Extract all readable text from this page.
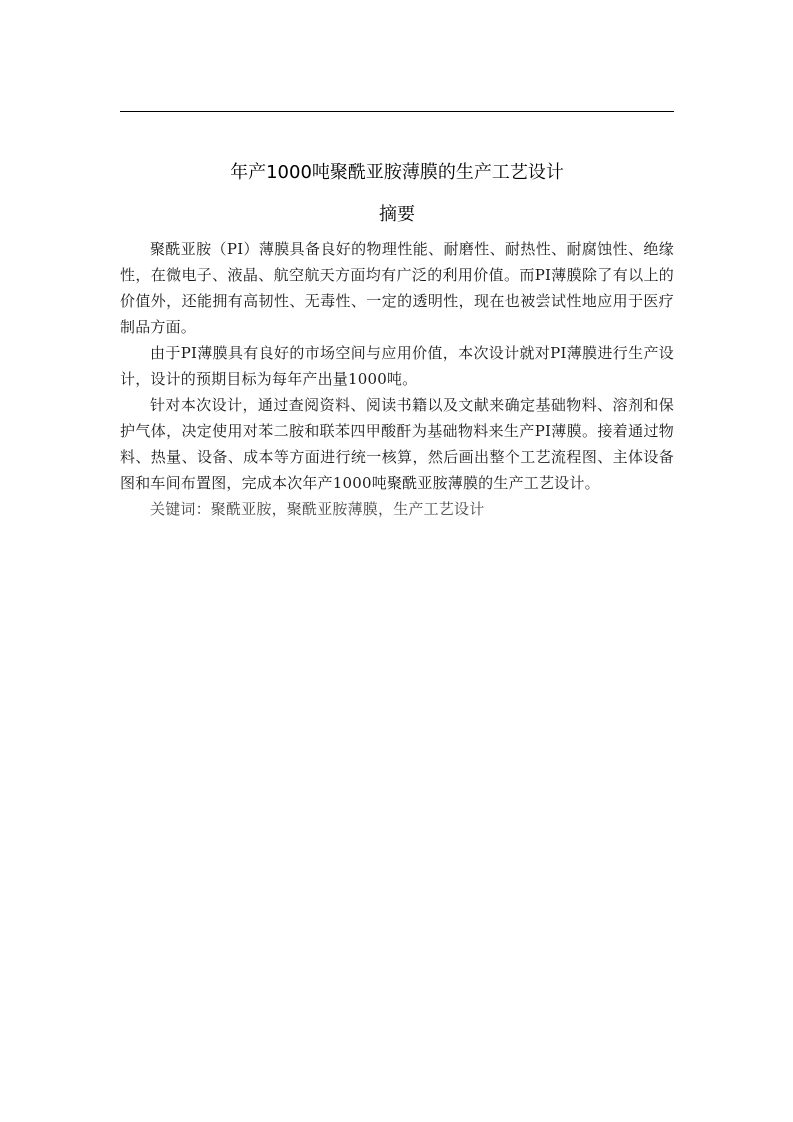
年产1000吨聚酰亚胺薄膜的生产工艺设计
摘要

聚酰亚胺（PI）薄膜具备良好的物理性能、耐磨性、耐热性、耐腐蚀性、绝缘性，在微电子、液晶、航空航天方面均有广泛的利用价值。而PI薄膜除了有以上的价值外，还能拥有高韧性、无毒性、一定的透明性，现在也被尝试性地应用于医疗制品方面。

由于PI薄膜具有良好的市场空间与应用价值，本次设计就对PI薄膜进行生产设计，设计的预期目标为每年产出量1000吨。

针对本次设计，通过查阅资料、阅读书籍以及文献来确定基础物料、溶剂和保护气体，决定使用对苯二胺和联苯四甲酸酐为基础物料来生产PI薄膜。接着通过物料、热量、设备、成本等方面进行统一核算，然后画出整个工艺流程图、主体设备图和车间布置图，完成本次年产1000吨聚酰亚胺薄膜的生产工艺设计。

关键词：聚酰亚胺，聚酰亚胺薄膜，生产工艺设计
